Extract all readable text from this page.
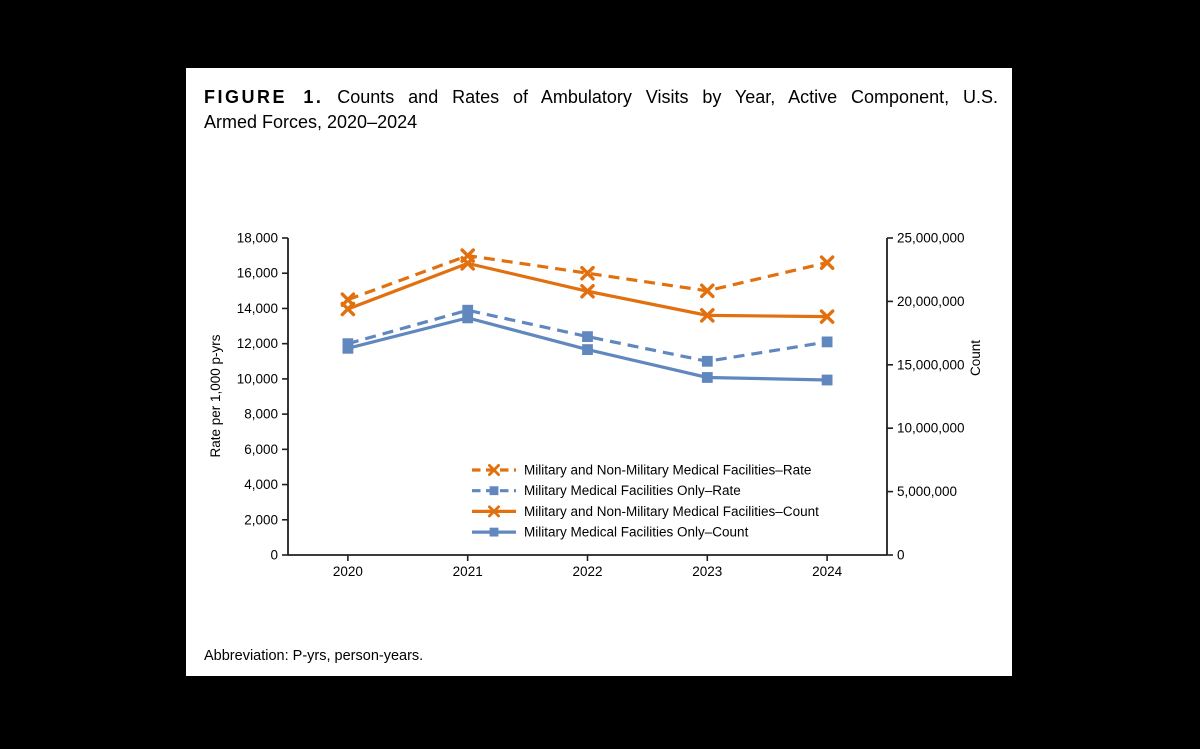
FIGURE 1. Counts and Rates of Ambulatory Visits by Year, Active Component, U.S.
Armed Forces, 2020–2024
0
2,000
4,000
6,000
8,000
10,000
12,000
14,000
16,000
18,000
0
5,000,000
10,000,000
15,000,000
20,000,000
25,000,000
2020	2021	2022	2023	2024
Rate per 1,000 p-yrs	Count
Military and Non-Military Medical Facilities–Rate
Military Medical Facilities Only–Rate
Military and Non-Military Medical Facilities–Count
Military Medical Facilities Only–Count
Abbreviation: P-yrs, person-years.
